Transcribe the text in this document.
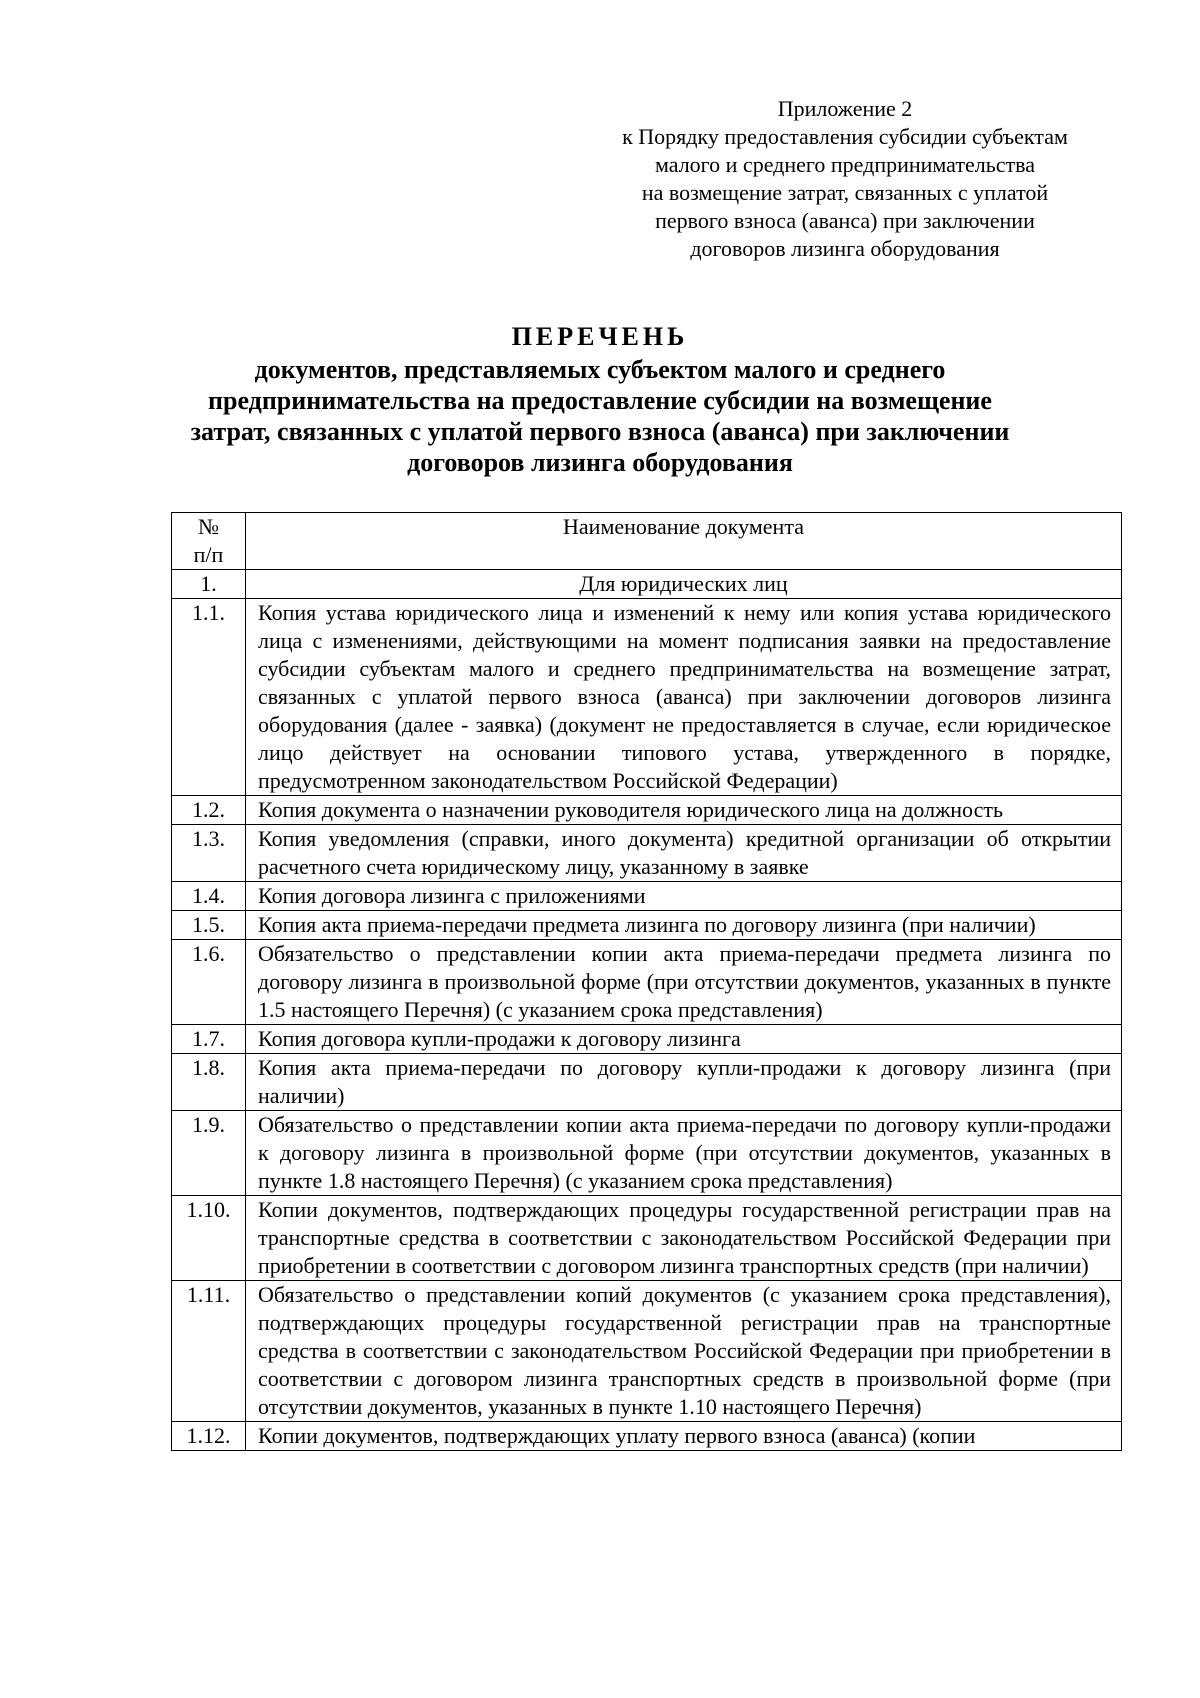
Приложение 2
к Порядку предоставления субсидии субъектам
малого и среднего предпринимательства
на возмещение затрат, связанных с уплатой
первого взноса (аванса) при заключении
договоров лизинга оборудования
ПЕРЕЧЕНЬ
документов, представляемых субъектом малого и среднего
предпринимательства на предоставление субсидии на возмещение
затрат, связанных с уплатой первого взноса (аванса) при заключении
договоров лизинга оборудования
№
п/п	Наименование документа

1.	Для юридических лиц
1.1.	Копия устава юридического лица и изменений к нему или копия устава юридического лица с изменениями, действующими на момент подписания заявки на предоставление субсидии субъектам малого и среднего предпринимательства на возмещение затрат, связанных с уплатой первого взноса (аванса) при заключении договоров лизинга оборудования (далее - заявка) (документ не предоставляется в случае, если юридическое лицо действует на основании типового устава, утвержденного в порядке, предусмотренном законодательством Российской Федерации)

1.2.	Копия документа о назначении руководителя юридического лица на должность

1.3.	Копия уведомления (справки, иного документа) кредитной организации об открытии расчетного счета юридическому лицу, указанному в заявке

1.4.	Копия договора лизинга с приложениями

1.5.	Копия акта приема-передачи предмета лизинга по договору лизинга (при наличии)

1.6.	Обязательство о представлении копии акта приема-передачи предмета лизинга по договору лизинга в произвольной форме (при отсутствии документов, указанных в пункте 1.5 настоящего Перечня) (с указанием срока представления)

1.7.	Копия договора купли-продажи к договору лизинга

1.8.	Копия акта приема-передачи по договору купли-продажи к договору лизинга (при наличии)

1.9.	Обязательство о представлении копии акта приема-передачи по договору купли-продажи к договору лизинга в произвольной форме (при отсутствии документов, указанных в пункте 1.8 настоящего Перечня) (с указанием срока представления)

1.10.	Копии документов, подтверждающих процедуры государственной регистрации прав на транспортные средства в соответствии с законодательством Российской Федерации при приобретении в соответствии с договором лизинга транспортных средств (при наличии)

1.11.	Обязательство о представлении копий документов (с указанием срока представления), подтверждающих процедуры государственной регистрации прав на транспортные средства в соответствии с законодательством Российской Федерации при приобретении в соответствии с договором лизинга транспортных средств в произвольной форме (при отсутствии документов, указанных в пункте 1.10 настоящего Перечня)

1.12.	Копии документов, подтверждающих уплату первого взноса (аванса) (копии
